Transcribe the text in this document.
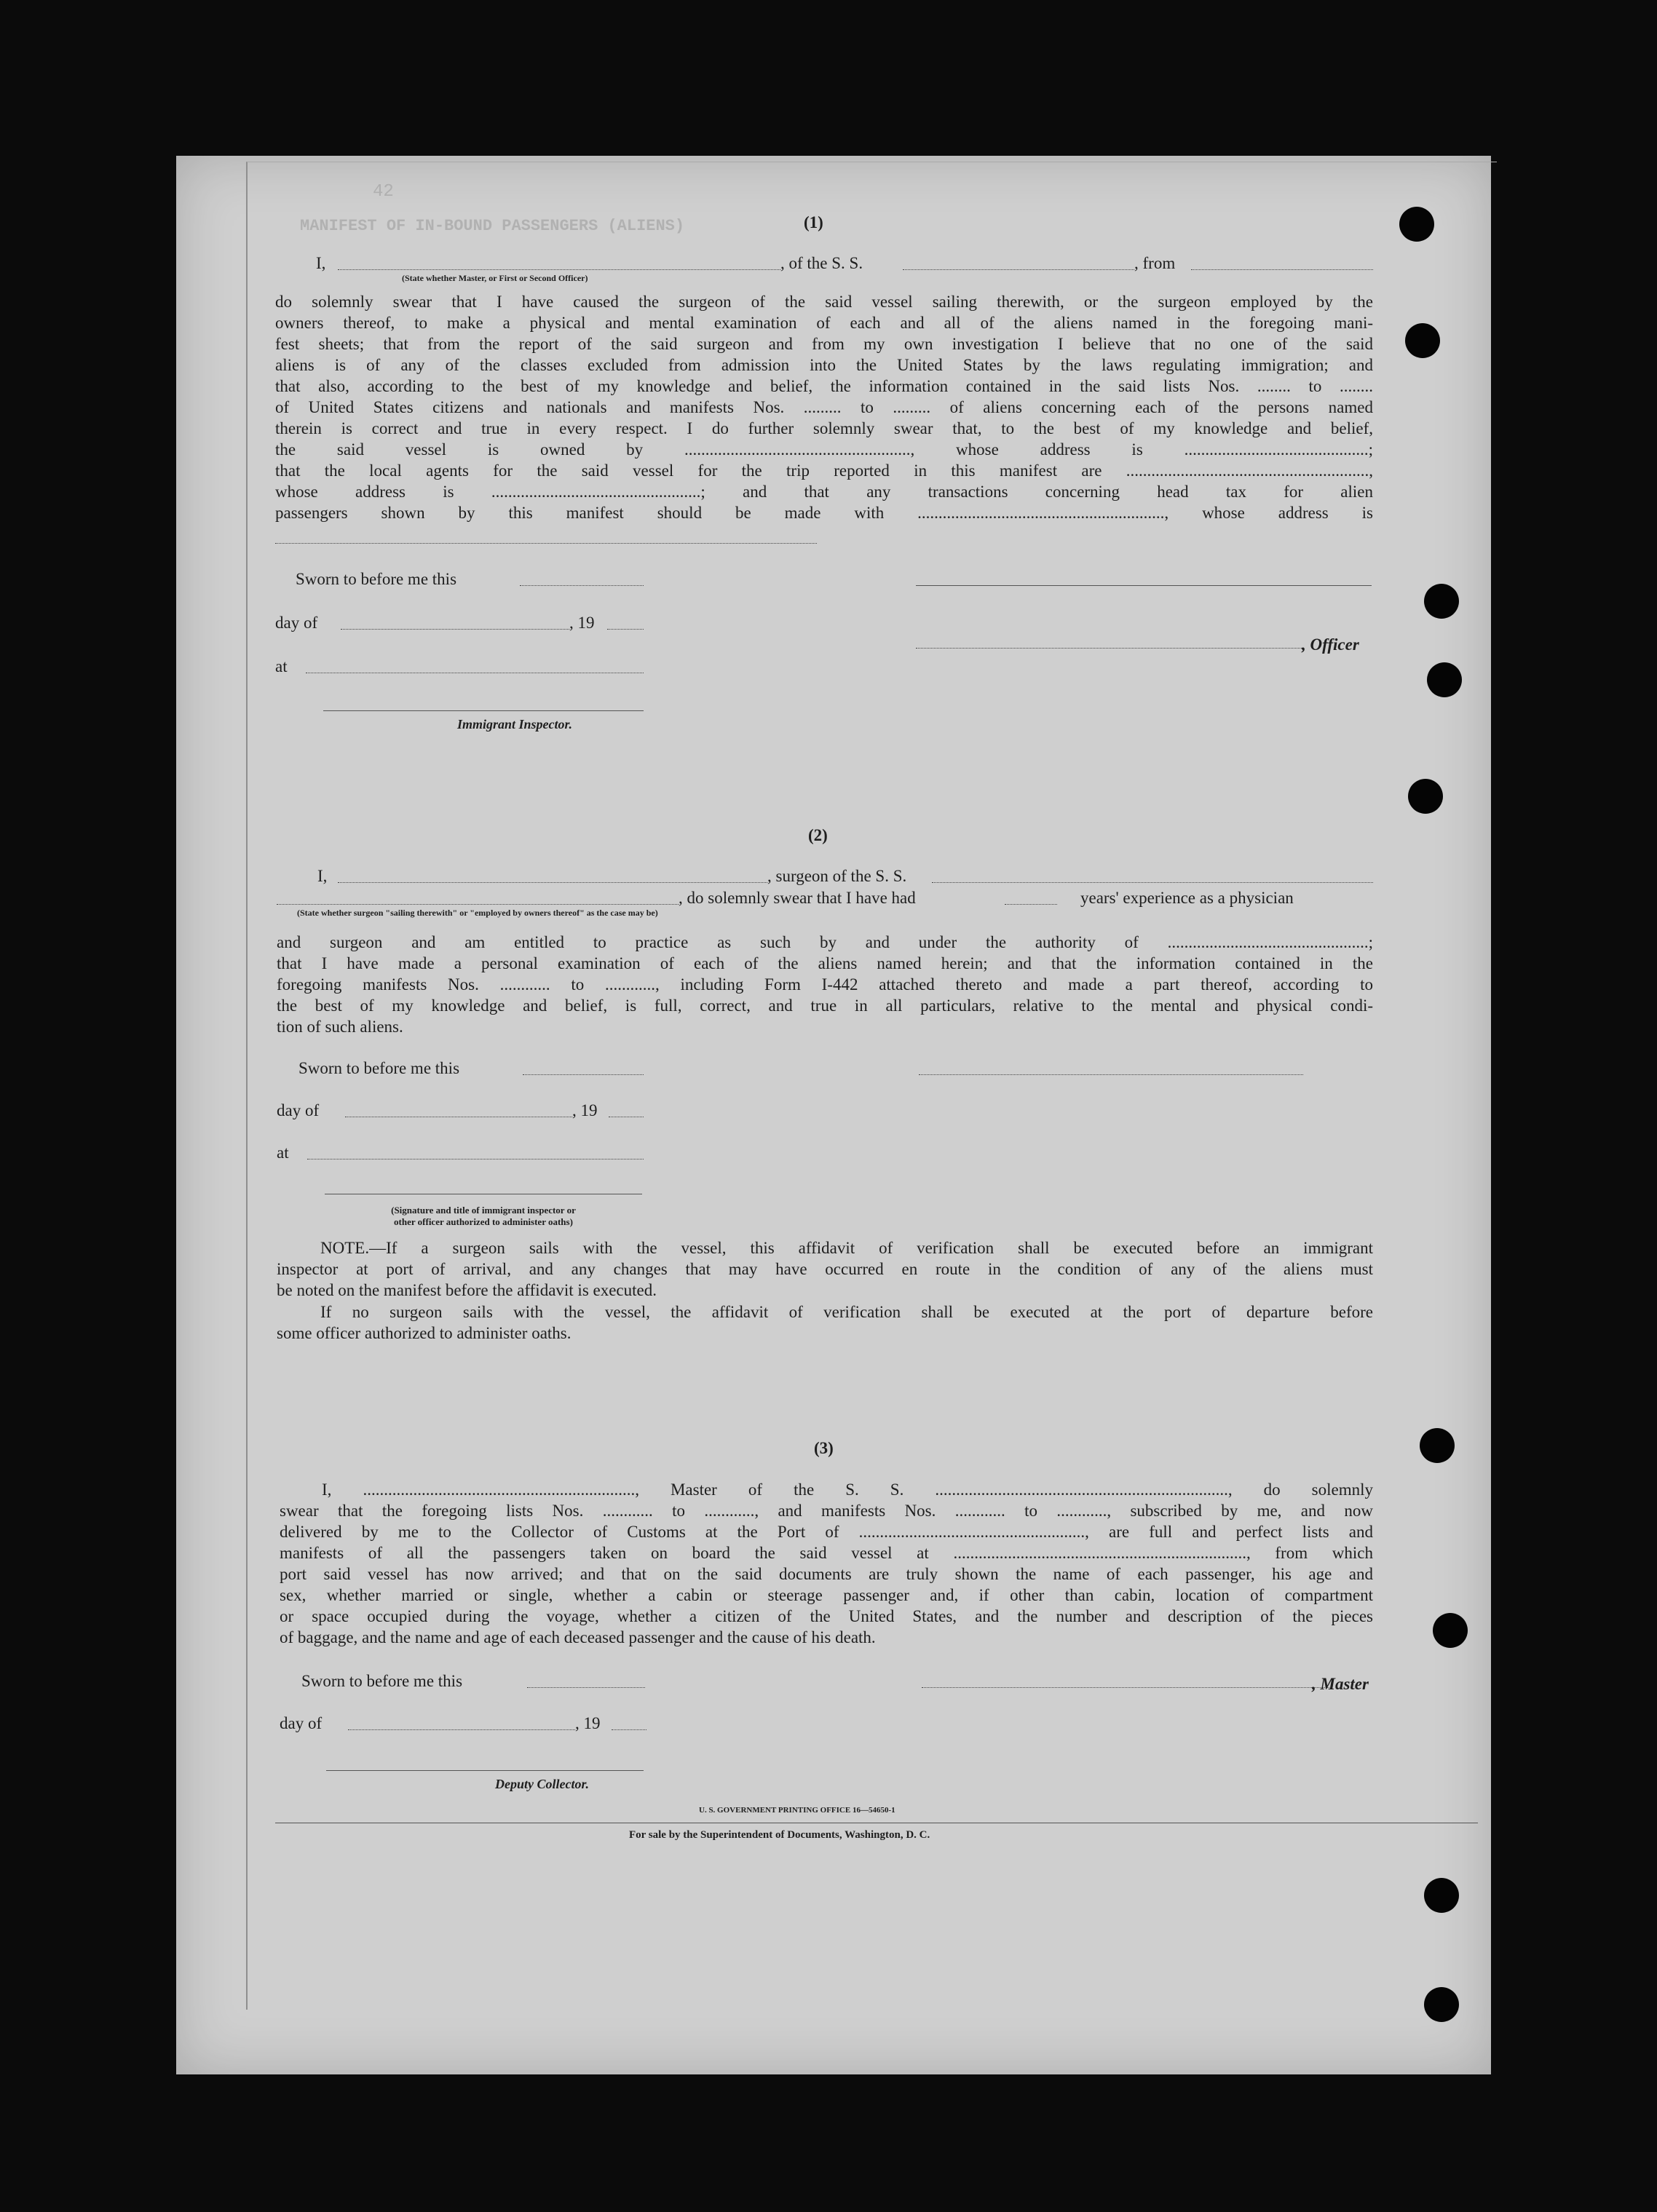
MANIFEST OF IN-BOUND PASSENGERS (ALIENS)
42
(1)
I,	, of the S. S.	, from
(State whether Master, or First or Second Officer)
do solemnly swear that I have caused the surgeon of the said vessel sailing therewith, or the surgeon employed by the
owners thereof, to make a physical and mental examination of each and all of the aliens named in the foregoing mani-
fest sheets; that from the report of the said surgeon and from my own investigation I believe that no one of the said
aliens is of any of the classes excluded from admission into the United States by the laws regulating immigration; and
that also, according to the best of my knowledge and belief, the information contained in the said lists Nos. ........ to ........
of United States citizens and nationals and manifests Nos. ......... to ......... of aliens concerning each of the persons named
therein is correct and true in every respect. I do further solemnly swear that, to the best of my knowledge and belief,
the said vessel is owned by ......................................................, whose address is ............................................;
that the local agents for the said vessel for the trip reported in this manifest are ..........................................................,
whose address is ..................................................; and that any transactions concerning head tax for alien
passengers shown by this manifest should be made with ..........................................................., whose address is
Sworn to before me this
day of	, 19
at
, Officer
Immigrant Inspector.
(2)
I,	, surgeon of the S. S.
, do solemnly swear that I have had	years' experience as a physician
(State whether surgeon "sailing therewith" or "employed by owners thereof" as the case may be)
and surgeon and am entitled to practice as such by and under the authority of ................................................;
that I have made a personal examination of each of the aliens named herein; and that the information contained in the
foregoing manifests Nos. ............ to ............, including Form I-442 attached thereto and made a part thereof, according to
the best of my knowledge and belief, is full, correct, and true in all particulars, relative to the mental and physical condi-
tion of such aliens.
Sworn to before me this
day of	, 19
at
(Signature and title of immigrant inspector or
other officer authorized to administer oaths)
NOTE.—If a surgeon sails with the vessel, this affidavit of verification shall be executed before an immigrant
inspector at port of arrival, and any changes that may have occurred en route in the condition of any of the aliens must
be noted on the manifest before the affidavit is executed.
If no surgeon sails with the vessel, the affidavit of verification shall be executed at the port of departure before
some officer authorized to administer oaths.
(3)
I, ................................................................., Master of the S. S. ......................................................................, do solemnly
swear that the foregoing lists Nos. ............ to ............, and manifests Nos. ............ to ............, subscribed by me, and now
delivered by me to the Collector of Customs at the Port of ......................................................, are full and perfect lists and
manifests of all the passengers taken on board the said vessel at ......................................................................, from which
port said vessel has now arrived; and that on the said documents are truly shown the name of each passenger, his age and
sex, whether married or single, whether a cabin or steerage passenger and, if other than cabin, location of compartment
or space occupied during the voyage, whether a citizen of the United States, and the number and description of the pieces
of baggage, and the name and age of each deceased passenger and the cause of his death.
Sworn to before me this	, Master
day of	, 19
Deputy Collector.
U. S. GOVERNMENT PRINTING OFFICE 16—54650-1
For sale by the Superintendent of Documents, Washington, D. C.
